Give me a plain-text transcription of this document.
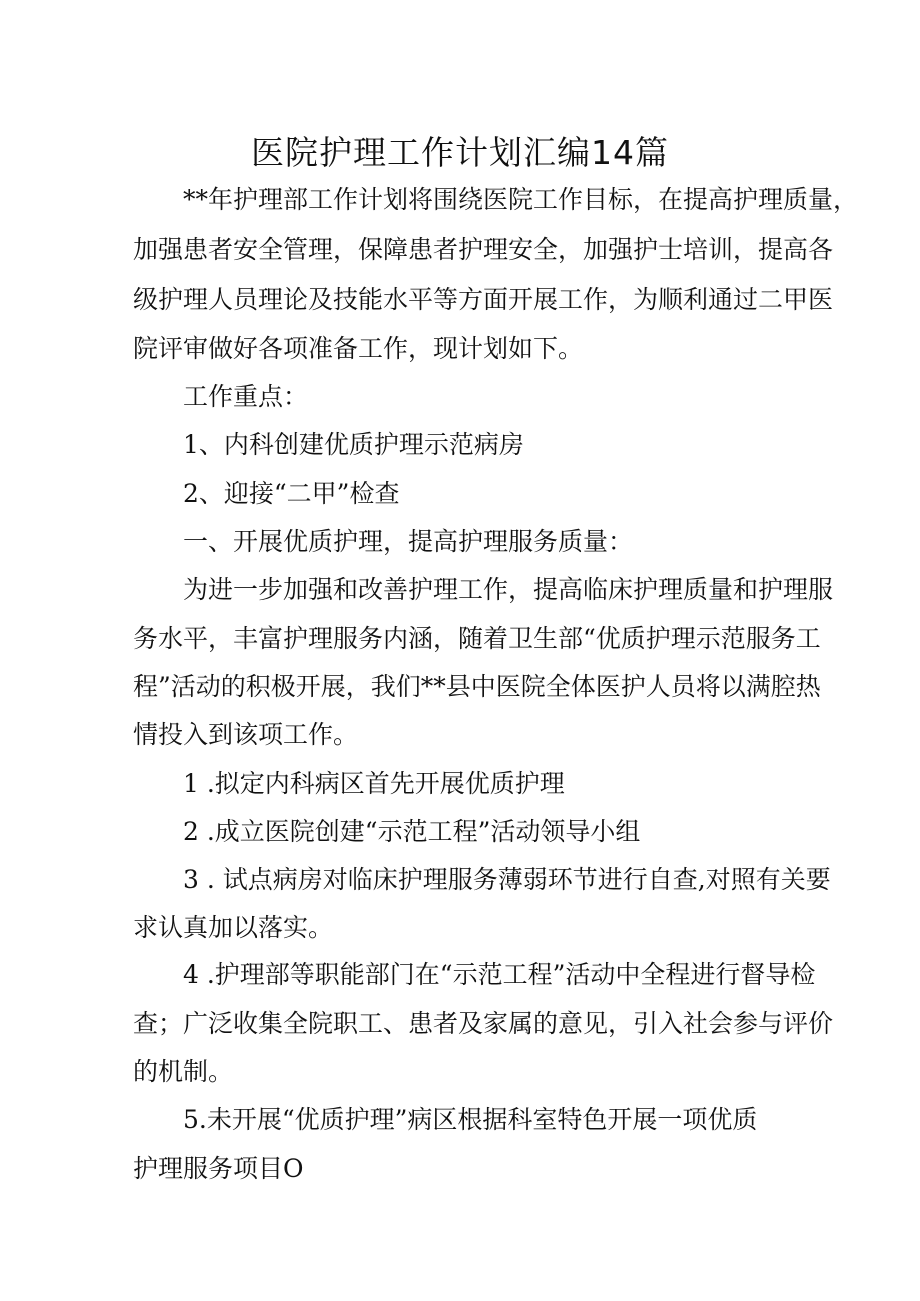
医院护理工作计划汇编14篇

**年护理部工作计划将围绕医院工作目标，在提高护理质量，

加强患者安全管理，保障患者护理安全，加强护士培训，提高各

级护理人员理论及技能水平等方面开展工作，为顺利通过二甲医

院评审做好各项准备工作，现计划如下。

工作重点：

1、内科创建优质护理示范病房

2、迎接“二甲”检查

一、开展优质护理，提高护理服务质量：

为进一步加强和改善护理工作，提高临床护理质量和护理服

务水平，丰富护理服务内涵，随着卫生部“优质护理示范服务工

程”活动的积极开展，我们**县中医院全体医护人员将以满腔热

情投入到该项工作。

1 .拟定内科病区首先开展优质护理

2 .成立医院创建“示范工程”活动领导小组

3 . 试点病房对临床护理服务薄弱环节进行自查,对照有关要

求认真加以落实。

4 .护理部等职能部门在“示范工程”活动中全程进行督导检

查；广泛收集全院职工、患者及家属的意见，引入社会参与评价

的机制。

5.未开展“优质护理”病区根据科室特色开展一项优质

护理服务项目O
